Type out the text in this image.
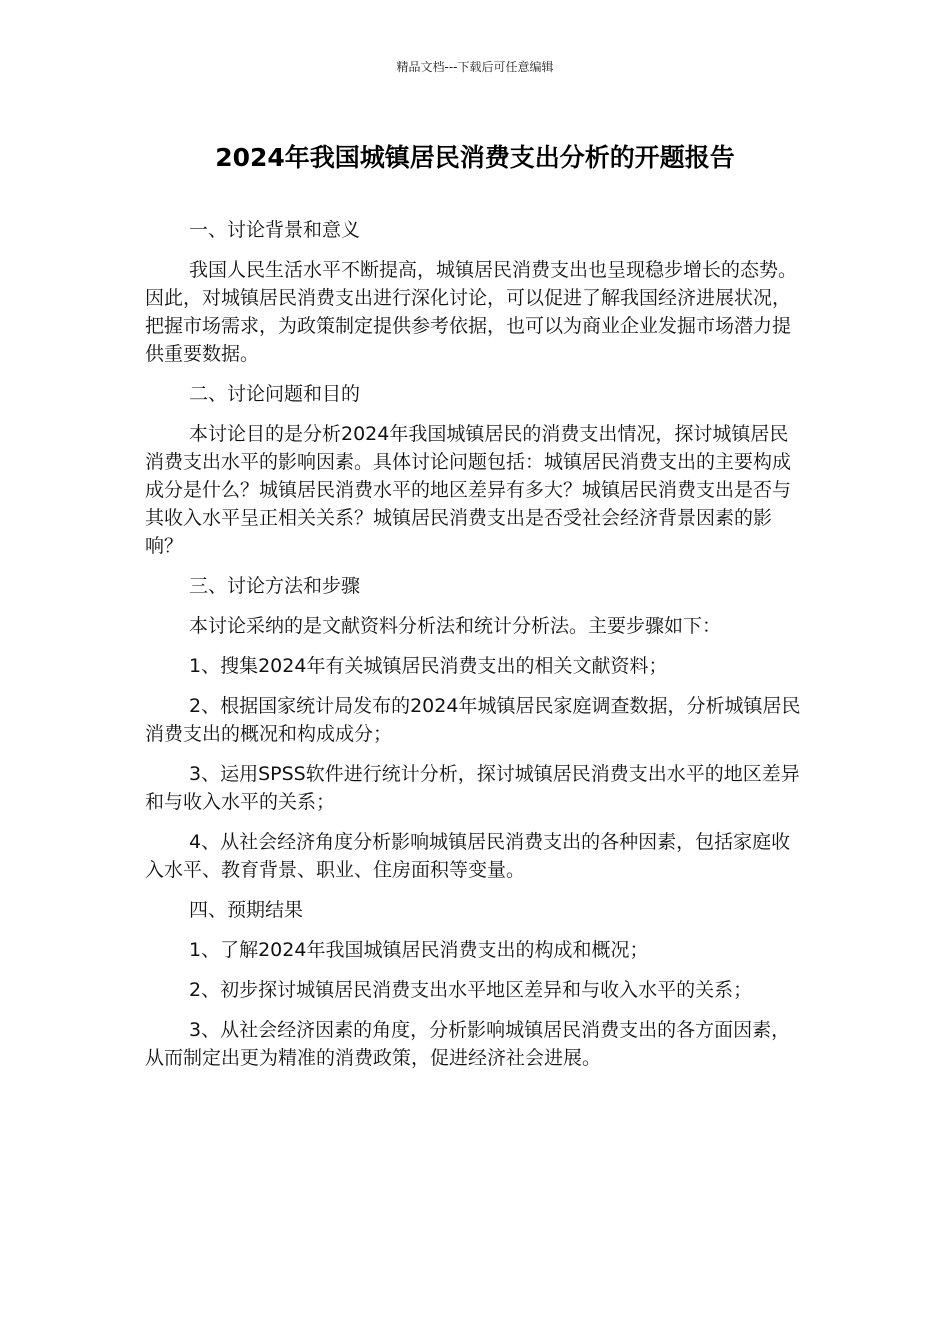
精品文档---下载后可任意编辑
2024年我国城镇居民消费支出分析的开题报告

一、讨论背景和意义

我国人民生活水平不断提高，城镇居民消费支出也呈现稳步增长的态势。因此，对城镇居民消费支出进行深化讨论，可以促进了解我国经济进展状况，把握市场需求，为政策制定提供参考依据，也可以为商业企业发掘市场潜力提供重要数据。

二、讨论问题和目的

本讨论目的是分析2024年我国城镇居民的消费支出情况，探讨城镇居民消费支出水平的影响因素。具体讨论问题包括：城镇居民消费支出的主要构成成分是什么？城镇居民消费水平的地区差异有多大？城镇居民消费支出是否与其收入水平呈正相关关系？城镇居民消费支出是否受社会经济背景因素的影响？

三、讨论方法和步骤

本讨论采纳的是文献资料分析法和统计分析法。主要步骤如下：

1、搜集2024年有关城镇居民消费支出的相关文献资料；

2、根据国家统计局发布的2024年城镇居民家庭调查数据，分析城镇居民消费支出的概况和构成成分；

3、运用SPSS软件进行统计分析，探讨城镇居民消费支出水平的地区差异和与收入水平的关系；

4、从社会经济角度分析影响城镇居民消费支出的各种因素，包括家庭收入水平、教育背景、职业、住房面积等变量。

四、预期结果

1、了解2024年我国城镇居民消费支出的构成和概况；

2、初步探讨城镇居民消费支出水平地区差异和与收入水平的关系；

3、从社会经济因素的角度，分析影响城镇居民消费支出的各方面因素，从而制定出更为精准的消费政策，促进经济社会进展。
